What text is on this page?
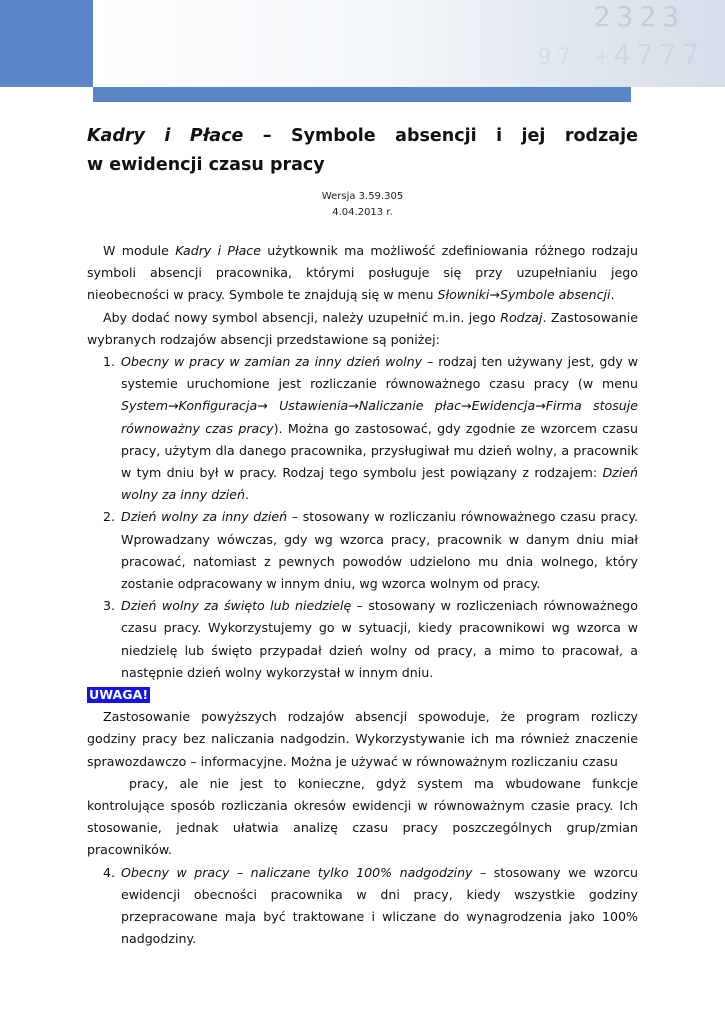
2323
4777
97 +
Kadry i Płace – Symbole absencji i jej rodzaje
w ewidencji czasu pracy
Wersja 3.59.305
4.04.2013 r.

W module Kadry i Płace użytkownik ma możliwość zdefiniowania różnego rodzaju symboli absencji pracownika, którymi posługuje się przy uzupełnianiu jego nieobecności w pracy. Symbole te znajdują się w menu Słowniki→Symbole absencji.

Aby dodać nowy symbol absencji, należy uzupełnić m.in. jego Rodzaj. Zastosowanie wybranych rodzajów absencji przedstawione są poniżej:

1. Obecny w pracy w zamian za inny dzień wolny – rodzaj ten używany jest, gdy w systemie uruchomione jest rozliczanie równoważnego czasu pracy (w menu System→Konfiguracja→ Ustawienia→Naliczanie płac→Ewidencja→Firma stosuje równoważny czas pracy). Można go zastosować, gdy zgodnie ze wzorcem czasu pracy, użytym dla danego pracownika, przysługiwał mu dzień wolny, a pracownik w tym dniu był w pracy. Rodzaj tego symbolu jest powiązany z rodzajem: Dzień wolny za inny dzień.

2. Dzień wolny za inny dzień – stosowany w rozliczaniu równoważnego czasu pracy. Wprowadzany wówczas, gdy wg wzorca pracy, pracownik w danym dniu miał pracować, natomiast z pewnych powodów udzielono mu dnia wolnego, który zostanie odpracowany w innym dniu, wg wzorca wolnym od pracy.

3. Dzień wolny za święto lub niedzielę – stosowany w rozliczeniach równoważnego czasu pracy. Wykorzystujemy go w sytuacji, kiedy pracownikowi wg wzorca w niedzielę lub święto przypadał dzień wolny od pracy, a mimo to pracował, a następnie dzień wolny wykorzystał w innym dniu.

UWAGA!

Zastosowanie powyższych rodzajów absencji spowoduje, że program rozliczy godziny pracy bez naliczania nadgodzin. Wykorzystywanie ich ma również znaczenie sprawozdawczo – informacyjne. Można je używać w równoważnym rozliczaniu czasu
pracy, ale nie jest to konieczne, gdyż system ma wbudowane funkcje kontrolujące sposób rozliczania okresów ewidencji w równoważnym czasie pracy. Ich stosowanie, jednak ułatwia analizę czasu pracy poszczególnych grup/zmian pracowników.

4. Obecny w pracy – naliczane tylko 100% nadgodziny – stosowany we wzorcu ewidencji obecności pracownika w dni pracy, kiedy wszystkie godziny przepracowane maja być traktowane i wliczane do wynagrodzenia jako 100% nadgodziny.
